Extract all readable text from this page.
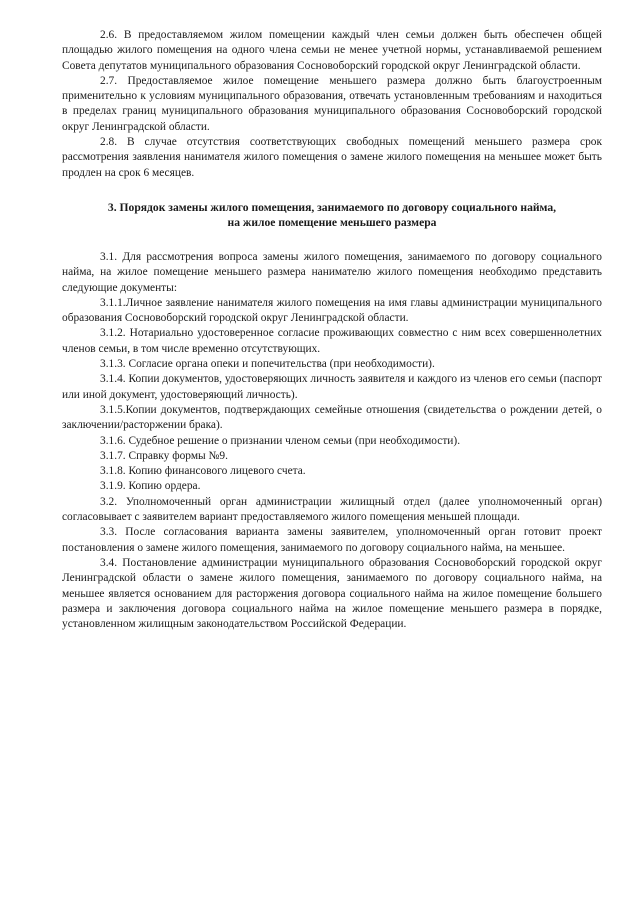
2.6. В предоставляемом жилом помещении каждый член семьи должен быть обеспечен общей площадью жилого помещения на одного члена семьи не менее учетной нормы, устанавливаемой решением Совета депутатов муниципального образования Сосновоборский городской округ Ленинградской области.

2.7. Предоставляемое жилое помещение меньшего размера должно быть благоустроенным применительно к условиям муниципального образования, отвечать установленным требованиям и находиться в пределах границ муниципального образования муниципального образования Сосновоборский городской округ Ленинградской области.

2.8. В случае отсутствия соответствующих свободных помещений меньшего размера срок рассмотрения заявления нанимателя жилого помещения о замене жилого помещения на меньшее может быть продлен на срок 6 месяцев.

3. Порядок замены жилого помещения, занимаемого по договору социального найма,
на жилое помещение меньшего размера

3.1. Для рассмотрения вопроса замены жилого помещения, занимаемого по договору социального найма, на жилое помещение меньшего размера нанимателю жилого помещения необходимо представить следующие документы:

3.1.1.Личное заявление нанимателя жилого помещения на имя главы администрации муниципального образования Сосновоборский городской округ Ленинградской области.

3.1.2. Нотариально удостоверенное согласие проживающих совместно с ним всех совершеннолетних членов семьи, в том числе временно отсутствующих.

3.1.3. Согласие органа опеки и попечительства (при необходимости).

3.1.4. Копии документов, удостоверяющих личность заявителя и каждого из членов его семьи (паспорт или иной документ, удостоверяющий личность).

3.1.5.Копии документов, подтверждающих семейные отношения (свидетельства о рождении детей, о заключении/расторжении брака).

3.1.6. Судебное решение о признании членом семьи (при необходимости).

3.1.7. Справку формы №9.

3.1.8. Копию финансового лицевого счета.

3.1.9. Копию ордера.

3.2. Уполномоченный орган администрации жилищный отдел (далее уполномоченный орган) согласовывает с заявителем вариант предоставляемого жилого помещения меньшей площади.

3.3. После согласования варианта замены заявителем, уполномоченный орган готовит проект постановления о замене жилого помещения, занимаемого по договору социального найма, на меньшее.

3.4. Постановление администрации муниципального образования Сосновоборский городской округ Ленинградской области о замене жилого помещения, занимаемого по договору социального найма, на меньшее является основанием для расторжения договора социального найма на жилое помещение большего размера и заключения договора социального найма на жилое помещение меньшего размера в порядке, установленном жилищным законодательством Российской Федерации.
